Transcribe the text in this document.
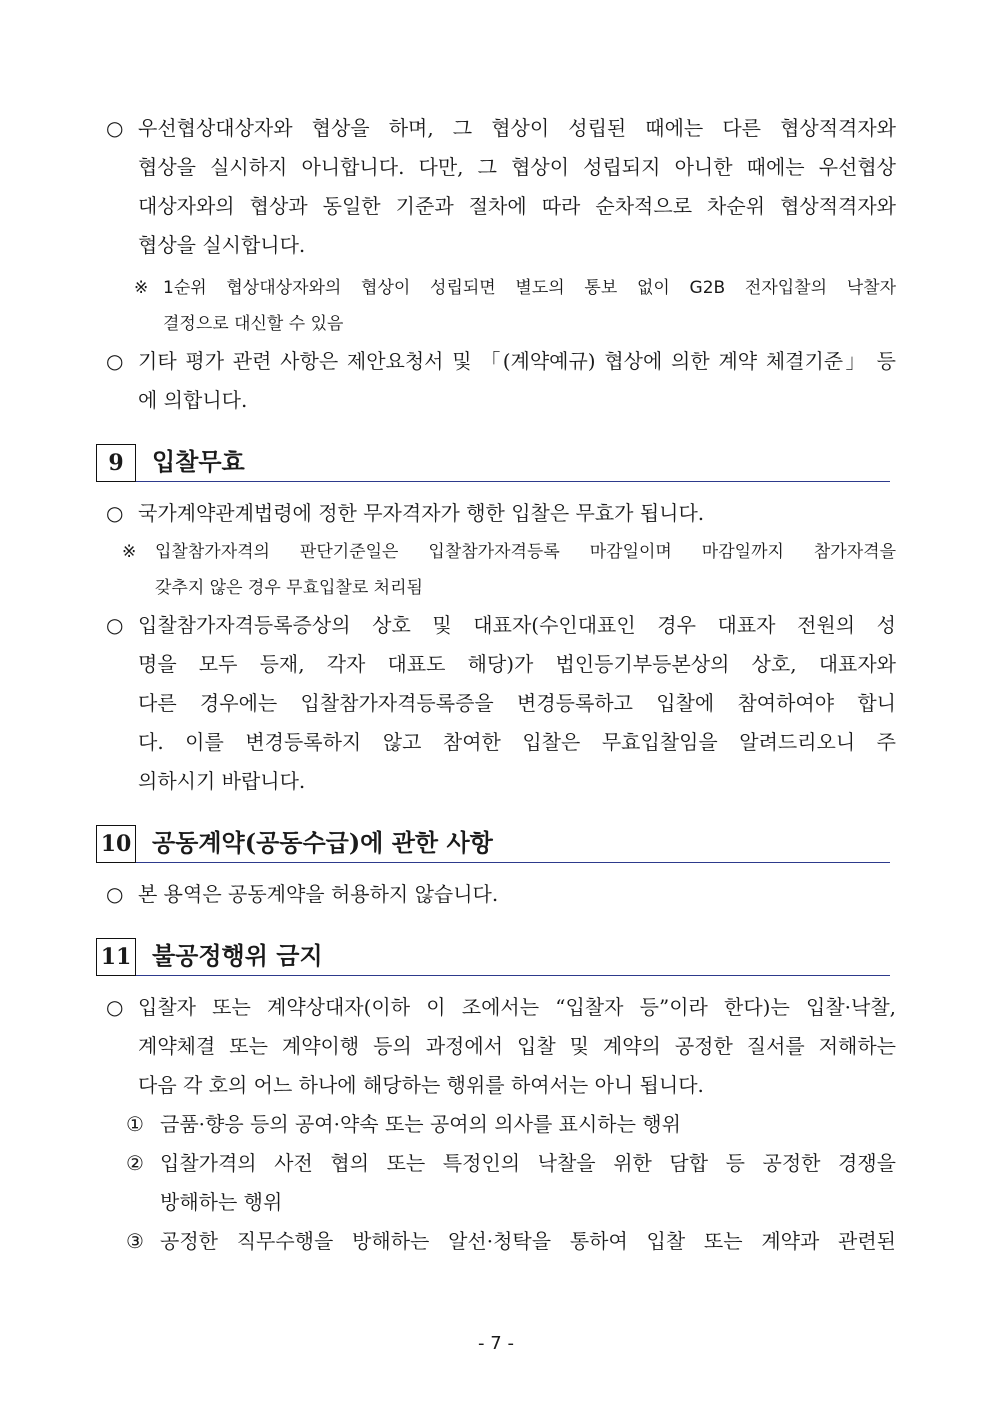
○ 우선협상대상자와 협상을 하며, 그 협상이 성립된 때에는 다른 협상적격자와
협상을 실시하지 아니합니다. 다만, 그 협상이 성립되지 아니한 때에는 우선협상
대상자와의 협상과 동일한 기준과 절차에 따라 순차적으로 차순위 협상적격자와
협상을 실시합니다.
※ 1순위 협상대상자와의 협상이 성립되면 별도의 통보 없이 G2B 전자입찰의 낙찰자
결정으로 대신할 수 있음
○ 기타 평가 관련 사항은 제안요청서 및 「(계약예규) 협상에 의한 계약 체결기준」 등
에 의합니다.
9	입찰무효
○ 국가계약관계법령에 정한 무자격자가 행한 입찰은 무효가 됩니다.
※ 입찰참가자격의 판단기준일은 입찰참가자격등록 마감일이며 마감일까지 참가자격을
갖추지 않은 경우 무효입찰로 처리됨
○ 입찰참가자격등록증상의 상호 및 대표자(수인대표인 경우 대표자 전원의 성
명을 모두 등재, 각자 대표도 해당)가 법인등기부등본상의 상호, 대표자와
다른 경우에는 입찰참가자격등록증을 변경등록하고 입찰에 참여하여야 합니
다. 이를 변경등록하지 않고 참여한 입찰은 무효입찰임을 알려드리오니 주
의하시기 바랍니다.
10 공동계약(공동수급)에 관한 사항
○ 본 용역은 공동계약을 허용하지 않습니다.
11 불공정행위 금지
○ 입찰자 또는 계약상대자(이하 이 조에서는 “입찰자 등”이라 한다)는 입찰·낙찰,
계약체결 또는 계약이행 등의 과정에서 입찰 및 계약의 공정한 질서를 저해하는
다음 각 호의 어느 하나에 해당하는 행위를 하여서는 아니 됩니다.
① 금품·향응 등의 공여·약속 또는 공여의 의사를 표시하는 행위
② 입찰가격의 사전 협의 또는 특정인의 낙찰을 위한 담합 등 공정한 경쟁을
방해하는 행위
③ 공정한 직무수행을 방해하는 알선·청탁을 통하여 입찰 또는 계약과 관련된
- 7 -
